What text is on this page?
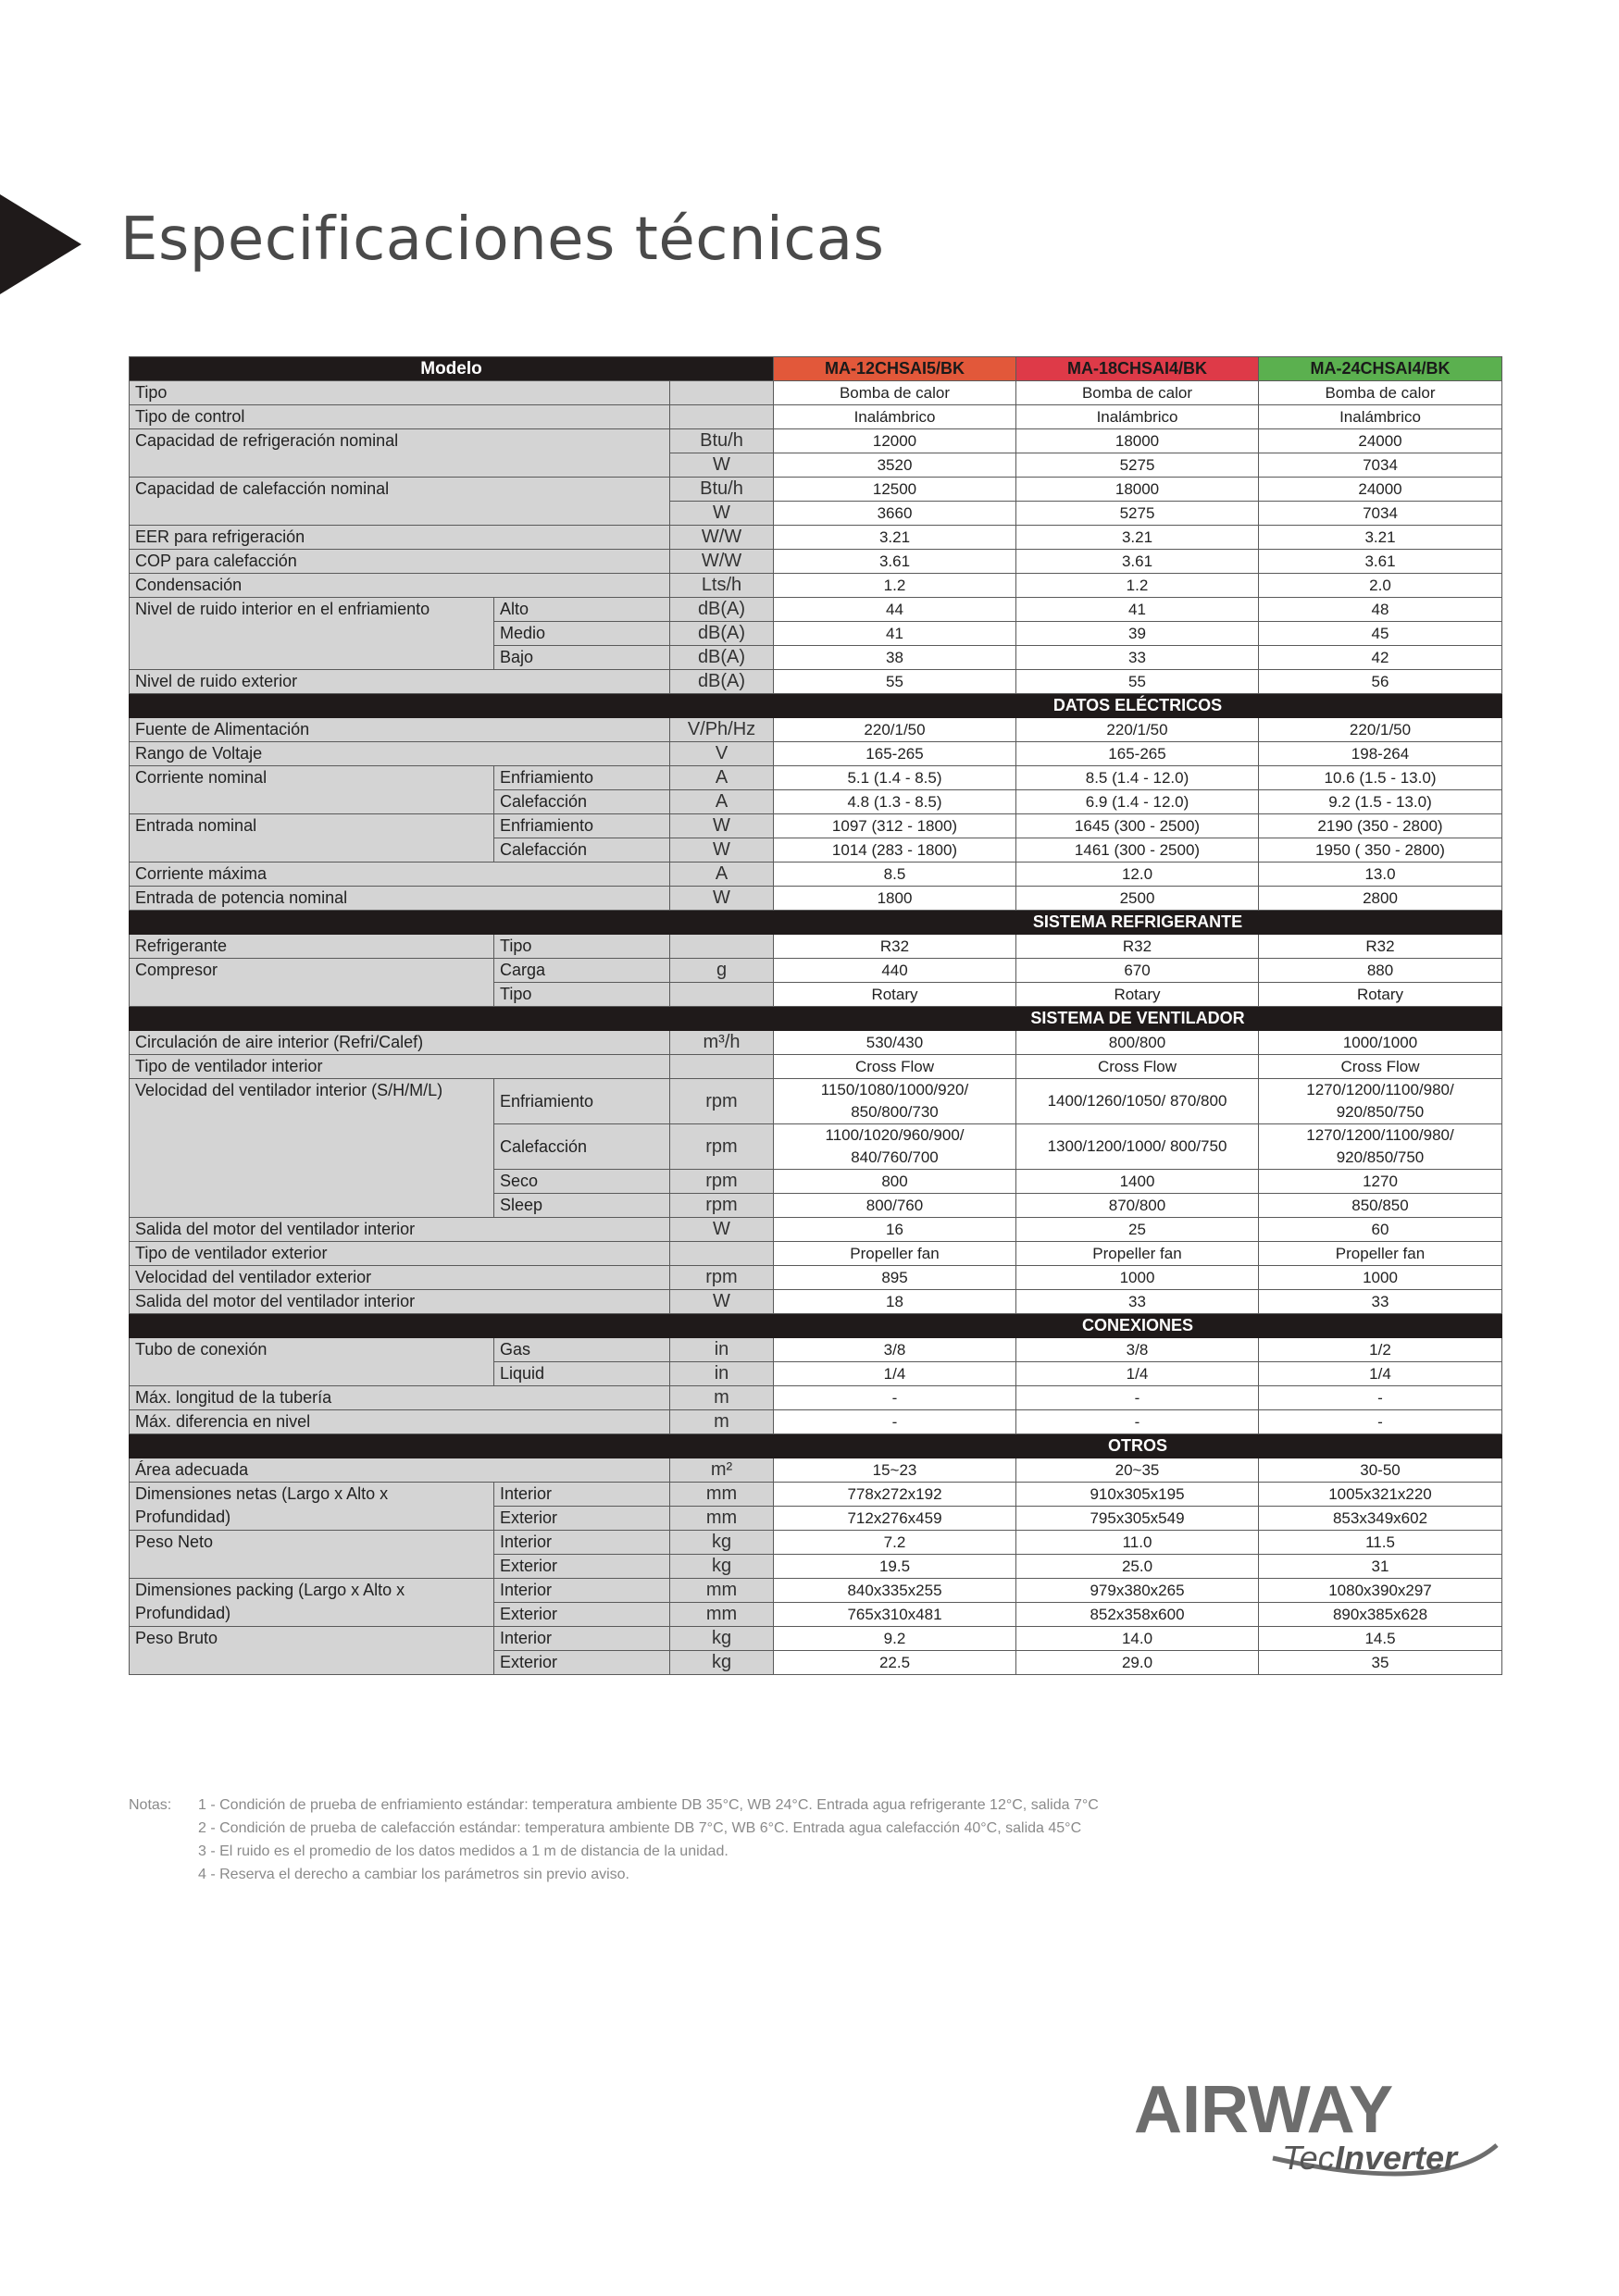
Especificaciones técnicas
Modelo			MA-12CHSAI5/BK	MA-18CHSAI4/BK	MA-24CHSAI4/BK
Tipo			Bomba de calor	Bomba de calor	Bomba de calor
Tipo de control			Inalámbrico	Inalámbrico	Inalámbrico
Capacidad de refrigeración nominal		Btu/h	12000	18000	24000
		W	3520	5275	7034
Capacidad de calefacción nominal		Btu/h	12500	18000	24000
		W	3660	5275	7034
EER para refrigeración		W/W	3.21	3.21	3.21
COP para calefacción		W/W	3.61	3.61	3.61
Condensación		Lts/h	1.2	1.2	2.0
Nivel de ruido interior en el enfriamiento	Alto	dB(A)	44	41	48
	Medio	dB(A)	41	39	45
	Bajo	dB(A)	38	33	42
Nivel de ruido exterior		dB(A)	55	55	56
			DATOS ELÉCTRICOS		
Fuente de Alimentación		V/Ph/Hz	220/1/50	220/1/50	220/1/50
Rango de Voltaje		V	165-265	165-265	198-264
Corriente nominal	Enfriamiento	A	5.1 (1.4 - 8.5)	8.5 (1.4 - 12.0)	10.6 (1.5 - 13.0)
	Calefacción	A	4.8 (1.3 - 8.5)	6.9 (1.4 - 12.0)	9.2 (1.5 - 13.0)
Entrada nominal	Enfriamiento	W	1097 (312 - 1800)	1645 (300 - 2500)	2190 (350 - 2800)
	Calefacción	W	1014 (283 - 1800)	1461 (300 - 2500)	1950 ( 350 - 2800)
Corriente máxima		A	8.5	12.0	13.0
Entrada de potencia nominal		W	1800	2500	2800
			SISTEMA REFRIGERANTE		
Refrigerante	Tipo		R32	R32	R32
Compresor	Carga	g	440	670	880
	Tipo		Rotary	Rotary	Rotary
			SISTEMA DE VENTILADOR		
Circulación de aire interior (Refri/Calef)		m³/h	530/430	800/800	1000/1000
Tipo de ventilador interior			Cross Flow	Cross Flow	Cross Flow
Velocidad del ventilador interior (S/H/M/L)	Enfriamiento	rpm	1150/1080/1000/920/ 850/800/730	1400/1260/1050/ 870/800	1270/1200/1100/980/ 920/850/750
	Calefacción	rpm	1100/1020/960/900/ 840/760/700	1300/1200/1000/ 800/750	1270/1200/1100/980/ 920/850/750
	Seco	rpm	800	1400	1270
	Sleep	rpm	800/760	870/800	850/850
Salida del motor del ventilador interior		W	16	25	60
Tipo de ventilador exterior			Propeller fan	Propeller fan	Propeller fan
Velocidad del ventilador exterior		rpm	895	1000	1000
Salida del motor del ventilador interior		W	18	33	33
			CONEXIONES		
Tubo de conexión	Gas	in	3/8	3/8	1/2
	Liquid	in	1/4	1/4	1/4
Máx. longitud de la tubería		m	-	-	-
Máx. diferencia en nivel		m	-	-	-
			OTROS		
Área adecuada		m²	15~23	20~35	30-50
Dimensiones netas (Largo x Alto x Profundidad)	Interior	mm	778x272x192	910x305x195	1005x321x220
	Exterior	mm	712x276x459	795x305x549	853x349x602
Peso Neto	Interior	kg	7.2	11.0	11.5
	Exterior	kg	19.5	25.0	31
Dimensiones packing (Largo x Alto x Profundidad)	Interior	mm	840x335x255	979x380x265	1080x390x297
	Exterior	mm	765x310x481	852x358x600	890x385x628
Peso Bruto	Interior	kg	9.2	14.0	14.5
	Exterior	kg	22.5	29.0	35
Notas: 1 - Condición de prueba de enfriamiento estándar: temperatura ambiente DB 35°C, WB 24°C. Entrada agua refrigerante 12°C, salida 7°C
2 - Condición de prueba de calefacción estándar: temperatura ambiente DB 7°C, WB 6°C. Entrada agua calefacción 40°C, salida 45°C
3 - El ruido es el promedio de los datos medidos a 1 m de distancia de la unidad.
4 - Reserva el derecho a cambiar los parámetros sin previo aviso.
AIRWAY
Tec Inverter
